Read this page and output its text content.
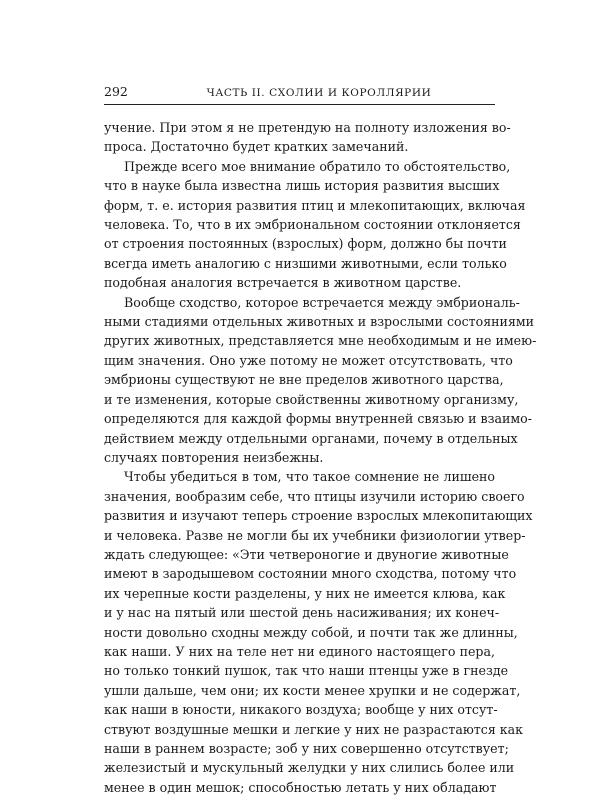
292	ЧАСТЬ II. СХОЛИИ И КОРОЛЛЯРИИ
учение. При этом я не претендую на полноту изложения во-
проса. Достаточно будет кратких замечаний.
Прежде всего мое внимание обратило то обстоятельство,
что в науке была известна лишь история развития высших
форм, т. е. история развития птиц и млекопитающих, включая
человека. То, что в их эмбриональном состоянии отклоняется
от строения постоянных (взрослых) форм, должно бы почти
всегда иметь аналогию с низшими животными, если только
подобная аналогия встречается в животном царстве.
Вообще сходство, которое встречается между эмбриональ-
ными стадиями отдельных животных и взрослыми состояниями
других животных, представляется мне необходимым и не имею-
щим значения. Оно уже потому не может отсутствовать, что
эмбрионы существуют не вне пределов животного царства,
и те изменения, которые свойственны животному организму,
определяются для каждой формы внутренней связью и взаимо-
действием между отдельными органами, почему в отдельных
случаях повторения неизбежны.
Чтобы убедиться в том, что такое сомнение не лишено
значения, вообразим себе, что птицы изучили историю своего
развития и изучают теперь строение взрослых млекопитающих
и человека. Разве не могли бы их учебники физиологии утвер-
ждать следующее: «Эти четвероногие и двуногие животные
имеют в зародышевом состоянии много сходства, потому что
их черепные кости разделены, у них не имеется клюва, как
и у нас на пятый или шестой день насиживания; их конеч-
ности довольно сходны между собой, и почти так же длинны,
как наши. У них на теле нет ни единого настоящего пера,
но только тонкий пушок, так что наши птенцы уже в гнезде
ушли дальше, чем они; их кости менее хрупки и не содержат,
как наши в юности, никакого воздуха; вообще у них отсут-
ствуют воздушные мешки и легкие у них не разрастаются как
наши в раннем возрасте; зоб у них совершенно отсутствует;
железистый и мускульный желудки у них слились более или
менее в один мешок; способностью летать у них обладают
